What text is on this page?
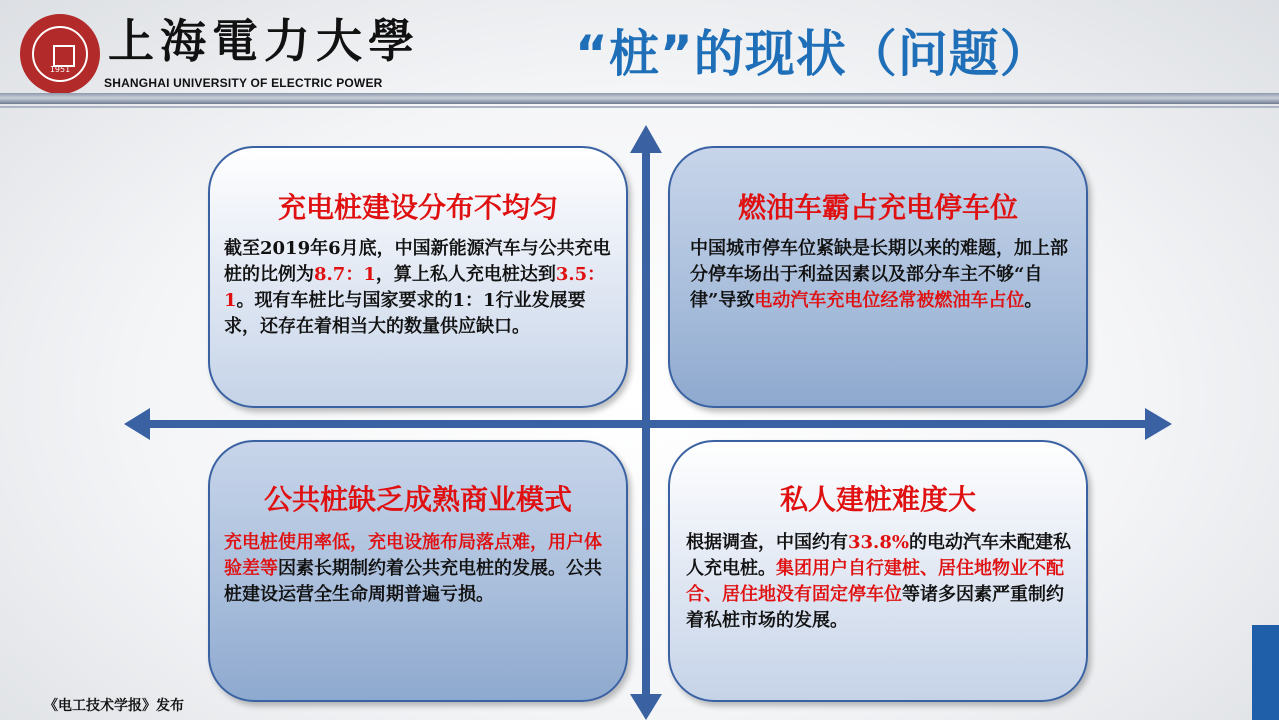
1951
上海電力大學
SHANGHAI UNIVERSITY OF ELECTRIC POWER	“桩”的现状（问题）
充电桩建设分布不均匀
截至2019年6月底，中国新能源汽车与公共充电桩的比例为8.7：1，算上私人充电桩达到3.5：1。现有车桩比与国家要求的1：1行业发展要求，还存在着相当大的数量供应缺口。
燃油车霸占充电停车位
中国城市停车位紧缺是长期以来的难题，加上部分停车场出于利益因素以及部分车主不够“自律”导致电动汽车充电位经常被燃油车占位。
公共桩缺乏成熟商业模式
充电桩使用率低，充电设施布局落点难，用户体验差等因素长期制约着公共充电桩的发展。公共桩建设运营全生命周期普遍亏损。
私人建桩难度大
根据调查，中国约有33.8%的电动汽车未配建私人充电桩。集团用户自行建桩、居住地物业不配合、居住地没有固定停车位等诸多因素严重制约着私桩市场的发展。
《电工技术学报》发布
